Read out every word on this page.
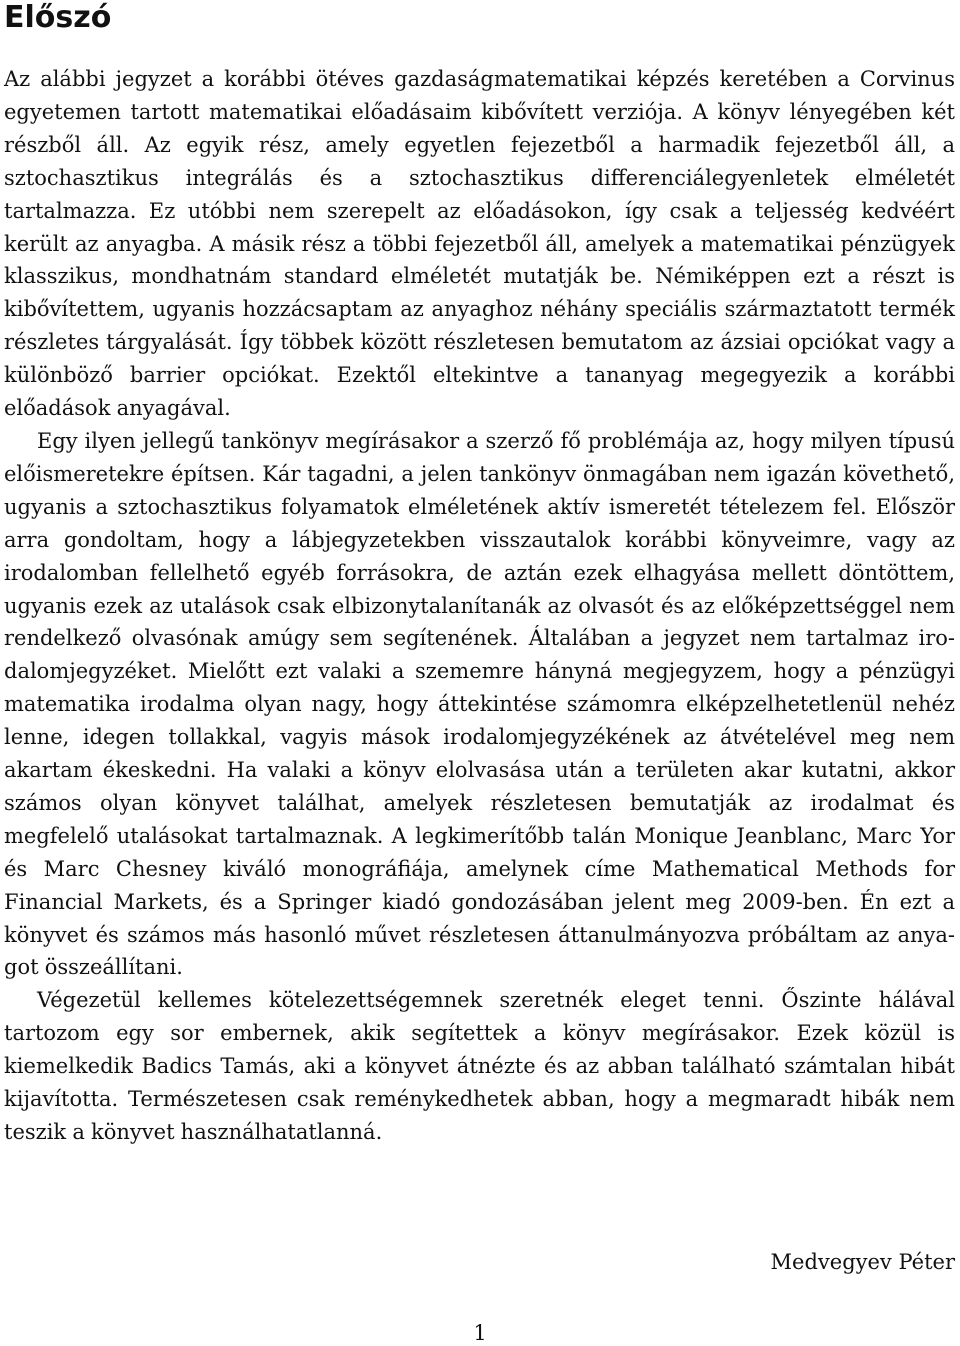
Előszó

Az alábbi jegyzet a korábbi ötéves gazdaságmatematikai képzés keretében a Corvinus egyetemen tartott matematikai előadásaim kibővített verziója. A könyv lényegében két részből áll. Az egyik rész, amely egyetlen fejezetből a harmadik fejezetből áll, a sztochasztikus integrálás és a sztochasztikus differenciálegyenletek elméletét tartalmazza. Ez utóbbi nem szerepelt az előadásokon, így csak a teljesség kedvéért került az anyagba. A másik rész a többi fejezetből áll, amelyek a matematikai pénzügyek klasszikus, mondhatnám standard elméletét mutatják be. Némiképpen ezt a részt is kibővítettem, ugyanis hozzácsaptam az anyaghoz néhány speciális származtatott termék részletes tárgyalását. Így többek között részletesen bemutatom az ázsiai opciókat vagy a különböző barrier opciókat. Ezektől eltekintve a tananyag megegyezik a korábbi előadások anyagával.

Egy ilyen jellegű tankönyv megírásakor a szerző fő problémája az, hogy milyen típusú előismeretekre építsen. Kár tagadni, a jelen tankönyv önmagában nem igazán követhető, ugyanis a sztochasztikus folyamatok elméletének aktív ismeretét tételezem fel. Először arra gondoltam, hogy a lábjegyzetekben visszautalok korábbi könyveimre, vagy az irodalomban fellelhető egyéb forrásokra, de aztán ezek elhagyása mellett döntöttem, ugyanis ezek az utalások csak elbizonytalanítanák az olvasót és az előképzettséggel nem rendelkező olvasónak amúgy sem segítenének. Általában a jegyzet nem tartalmaz irodalomjegyzéket. Mielőtt ezt valaki a szememre hányná megjegyzem, hogy a pénzügyi matematika irodalma olyan nagy, hogy áttekintése számomra elképzelhetetlenül nehéz lenne, idegen tollakkal, vagyis mások irodalomjegyzékének az átvételével meg nem akartam ékeskedni. Ha valaki a könyv elolvasása után a területen akar kutatni, akkor számos olyan könyvet találhat, amelyek részletesen bemutatják az irodalmat és megfelelő utalásokat tartalmaznak. A legkimerítőbb talán Monique Jeanblanc, Marc Yor és Marc Chesney kiváló monográfiája, amelynek címe Mathematical Methods for Financial Markets, és a Springer kiadó gondozásában jelent meg 2009-ben. Én ezt a könyvet és számos más hasonló művet részletesen áttanulmányozva próbáltam az anyagot összeállítani.

Végezetül kellemes kötelezettségemnek szeretnék eleget tenni. Őszinte hálával tartozom egy sor embernek, akik segítettek a könyv megírásakor. Ezek közül is kiemelkedik Badics Tamás, aki a könyvet átnézte és az abban található számtalan hibát kijavította. Természetesen csak reménykedhetek abban, hogy a megmaradt hibák nem teszik a könyvet használhatatlanná.

Medvegyev Péter

1
